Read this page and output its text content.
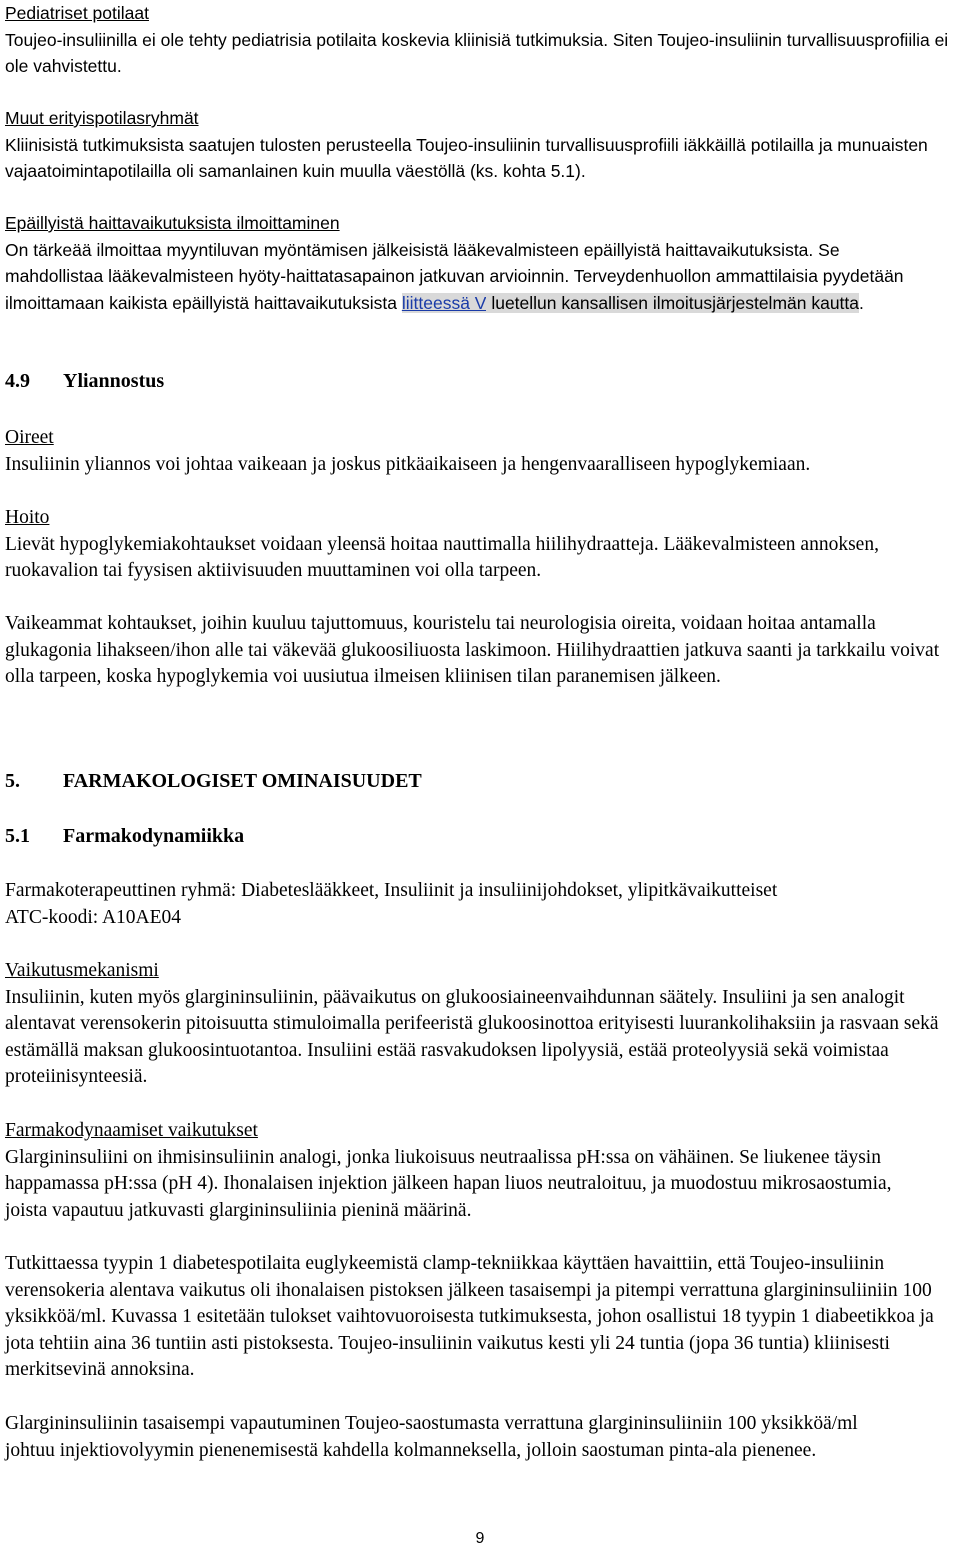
Pediatriset potilaat

Toujeo-insuliinilla ei ole tehty pediatrisia potilaita koskevia kliinisiä tutkimuksia. Siten Toujeo-insuliinin turvallisuusprofiilia ei ole vahvistettu.

Muut erityispotilasryhmät

Kliinisistä tutkimuksista saatujen tulosten perusteella Toujeo-insuliinin turvallisuusprofiili iäkkäillä potilailla ja munuaisten vajaatoimintapotilailla oli samanlainen kuin muulla väestöllä (ks. kohta 5.1).

Epäillyistä haittavaikutuksista ilmoittaminen

On tärkeää ilmoittaa myyntiluvan myöntämisen jälkeisistä lääkevalmisteen epäillyistä haittavaikutuksista. Se mahdollistaa lääkevalmisteen hyöty-haittatasapainon jatkuvan arvioinnin. Terveydenhuollon ammattilaisia pyydetään ilmoittamaan kaikista epäillyistä haittavaikutuksista liitteessä V luetellun kansallisen ilmoitusjärjestelmän kautta.

4.9 Yliannostus

Oireet

Insuliinin yliannos voi johtaa vaikeaan ja joskus pitkäaikaiseen ja hengenvaaralliseen hypoglykemiaan.

Hoito

Lievät hypoglykemiakohtaukset voidaan yleensä hoitaa nauttimalla hiilihydraatteja. Lääkevalmisteen annoksen, ruokavalion tai fyysisen aktiivisuuden muuttaminen voi olla tarpeen.

Vaikeammat kohtaukset, joihin kuuluu tajuttomuus, kouristelu tai neurologisia oireita, voidaan hoitaa antamalla glukagonia lihakseen/ihon alle tai väkevää glukoosiliuosta laskimoon. Hiilihydraattien jatkuva saanti ja tarkkailu voivat olla tarpeen, koska hypoglykemia voi uusiutua ilmeisen kliinisen tilan paranemisen jälkeen.

5. FARMAKOLOGISET OMINAISUUDET

5.1 Farmakodynamiikka

Farmakoterapeuttinen ryhmä: Diabeteslääkkeet, Insuliinit ja insuliinijohdokset, ylipitkävaikutteiset

ATC-koodi: A10AE04

Vaikutusmekanismi

Insuliinin, kuten myös glargininsuliinin, päävaikutus on glukoosiaineenvaihdunnan säätely. Insuliini ja sen analogit alentavat verensokerin pitoisuutta stimuloimalla perifeeristä glukoosinottoa erityisesti luurankolihaksiin ja rasvaan sekä estämällä maksan glukoosintuotantoa. Insuliini estää rasvakudoksen lipolyysiä, estää proteolyysiä sekä voimistaa proteiinisynteesiä.

Farmakodynaamiset vaikutukset

Glargininsuliini on ihmisinsuliinin analogi, jonka liukoisuus neutraalissa pH:ssa on vähäinen. Se liukenee täysin happamassa pH:ssa (pH 4). Ihonalaisen injektion jälkeen hapan liuos neutraloituu, ja muodostuu mikrosaostumia, joista vapautuu jatkuvasti glargininsuliinia pieninä määrinä.

Tutkittaessa tyypin 1 diabetespotilaita euglykeemistä clamp-tekniikkaa käyttäen havaittiin, että Toujeo-insuliinin verensokeria alentava vaikutus oli ihonalaisen pistoksen jälkeen tasaisempi ja pitempi verrattuna glargininsuliiniin 100 yksikköä/ml. Kuvassa 1 esitetään tulokset vaihtovuoroisesta tutkimuksesta, johon osallistui 18 tyypin 1 diabeetikkoa ja jota tehtiin aina 36 tuntiin asti pistoksesta. Toujeo-insuliinin vaikutus kesti yli 24 tuntia (jopa 36 tuntia) kliinisesti merkitsevinä annoksina.

Glargininsuliinin tasaisempi vapautuminen Toujeo-saostumasta verrattuna glargininsuliiniin 100 yksikköä/ml johtuu injektiovolyymin pienenemisestä kahdella kolmanneksella, jolloin saostuman pinta-ala pienenee.

9
